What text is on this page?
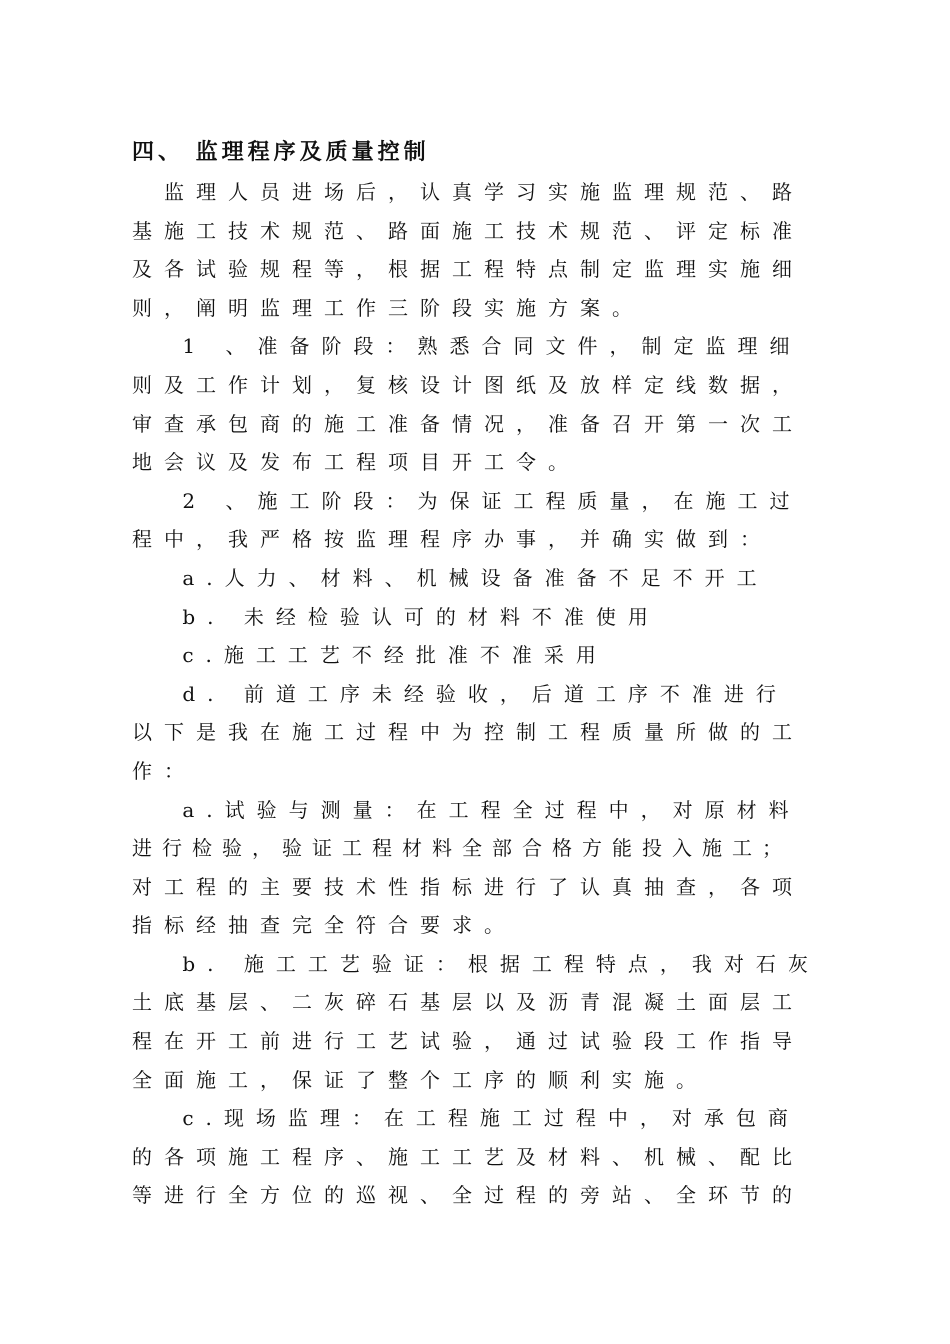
四、 监理程序及质量控制
　监理人员进场后，认真学习实施监理规范、路
基施工技术规范、路面施工技术规范、评定标准
及各试验规程等，根据工程特点制定监理实施细
则，阐明监理工作三阶段实施方案。
　 1 、准备阶段：熟悉合同文件，制定监理细
则及工作计划，复核设计图纸及放样定线数据，
审查承包商的施工准备情况，准备召开第一次工
地会议及发布工程项目开工令。
　 2 、施工阶段：为保证工程质量，在施工过
程中，我严格按监理程序办事，并确实做到：
　 a.人力、材料、机械设备准备不足不开工
　 b. 未经检验认可的材料不准使用
　 c.施工工艺不经批准不准采用
　 d. 前道工序未经验收，后道工序不准进行
以下是我在施工过程中为控制工程质量所做的工
作：
　 a.试验与测量：在工程全过程中，对原材料
进行检验，验证工程材料全部合格方能投入施工；
对工程的主要技术性指标进行了认真抽查，各项
指标经抽查完全符合要求。
　 b. 施工工艺验证：根据工程特点，我对石灰
土底基层、二灰碎石基层以及沥青混凝土面层工
程在开工前进行工艺试验，通过试验段工作指导
全面施工，保证了整个工序的顺利实施。
　 c.现场监理：在工程施工过程中，对承包商
的各项施工程序、施工工艺及材料、机械、配比
等进行全方位的巡视、全过程的旁站、全环节的
